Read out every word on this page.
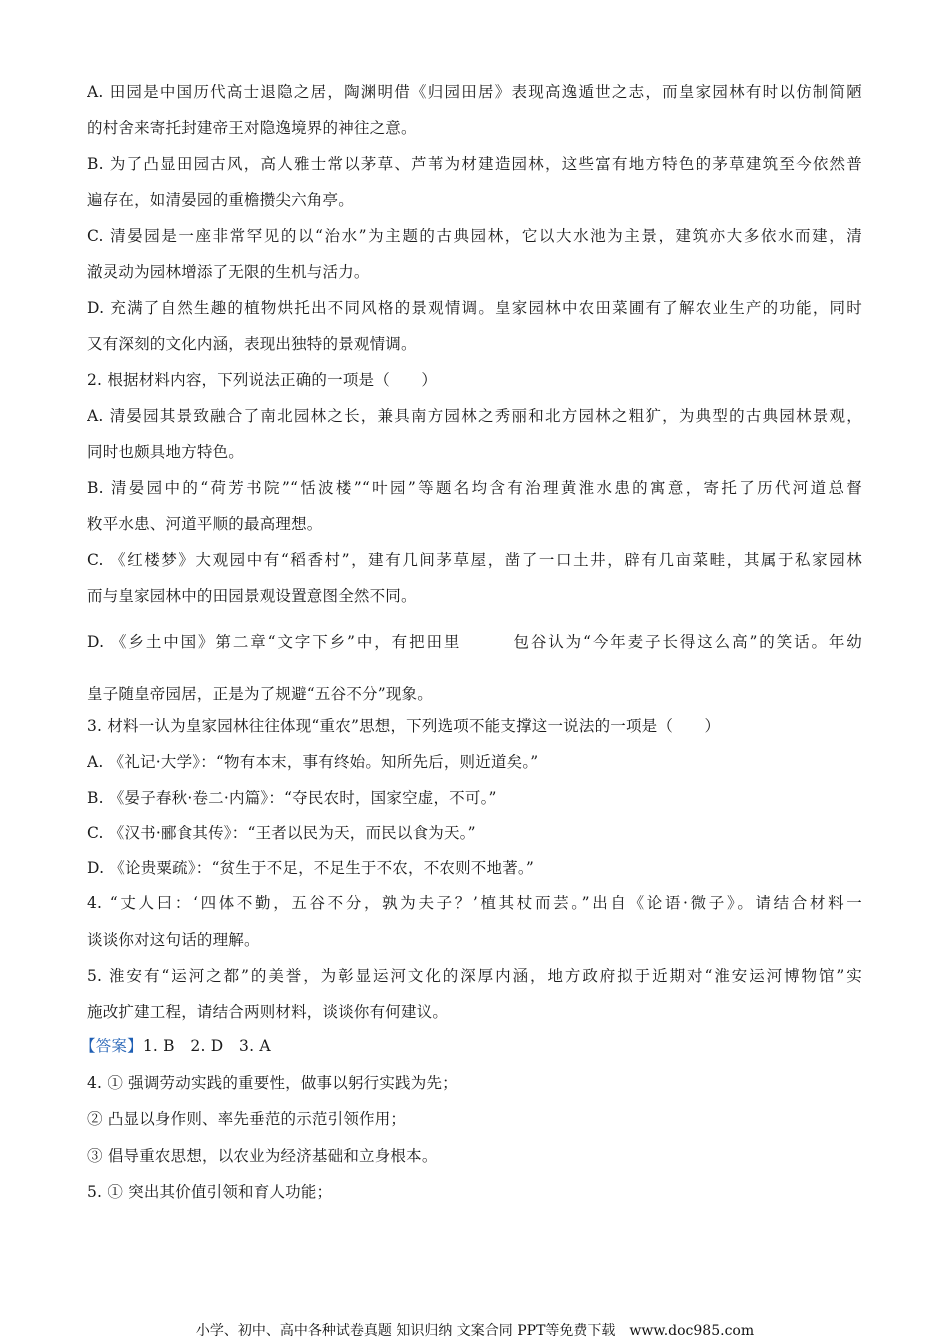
A. 田园是中国历代高士退隐之居，陶渊明借《归园田居》表现高逸遁世之志，而皇家园林有时以仿制简陋
的村舍来寄托封建帝王对隐逸境界的神往之意。
B. 为了凸显田园古风，高人雅士常以茅草、芦苇为材建造园林，这些富有地方特色的茅草建筑至今依然普
遍存在，如清晏园的重檐攒尖六角亭。
C. 清晏园是一座非常罕见的以“治水”为主题的古典园林，它以大水池为主景，建筑亦大多依水而建，清
澈灵动为园林增添了无限的生机与活力。
D. 充满了自然生趣的植物烘托出不同风格的景观情调。皇家园林中农田菜圃有了解农业生产的功能，同时
又有深刻的文化内涵，表现出独特的景观情调。
2. 根据材料内容，下列说法正确的一项是（　　）
A. 清晏园其景致融合了南北园林之长，兼具南方园林之秀丽和北方园林之粗犷，为典型的古典园林景观，
同时也颇具地方特色。
B. 清晏园中的“荷芳书院”“恬波楼”“叶园”等题名均含有治理黄淮水患的寓意，寄托了历代河道总督
敉平水患、河道平顺的最高理想。
C. 《红楼梦》大观园中有“稻香村”，建有几间茅草屋，凿了一口土井，辟有几亩菜畦，其属于私家园林
而与皇家园林中的田园景观设置意图全然不同。
D. 《乡土中国》第二章“文字下乡”中，有把田里　　　包谷认为“今年麦子长得这么高”的笑话。年幼
皇子随皇帝园居，正是为了规避“五谷不分”现象。
3. 材料一认为皇家园林往往体现“重农”思想，下列选项不能支撑这一说法的一项是（　　）
A. 《礼记·大学》：“物有本末，事有终始。知所先后，则近道矣。”
B. 《晏子春秋·卷二·内篇》：“夺民农时，国家空虚，不可。”
C. 《汉书·郦食其传》：“王者以民为天，而民以食为天。”
D. 《论贵粟疏》：“贫生于不足，不足生于不农，不农则不地著。”
4. “丈人曰：‘四体不勤，五谷不分，孰为夫子？’植其杖而芸。”出自《论语·微子》。请结合材料一
谈谈你对这句话的理解。
5. 淮安有“运河之都”的美誉，为彰显运河文化的深厚内涵，地方政府拟于近期对“淮安运河博物馆”实
施改扩建工程，请结合两则材料，谈谈你有何建议。
【答案】1. B　2. D　3. A
4. ① 强调劳动实践的重要性，做事以躬行实践为先；
② 凸显以身作则、率先垂范的示范引领作用；
③ 倡导重农思想，以农业为经济基础和立身根本。
5. ① 突出其价值引领和育人功能；
小学、初中、高中各种试卷真题 知识归纳 文案合同 PPT等免费下载 www.doc985.com
